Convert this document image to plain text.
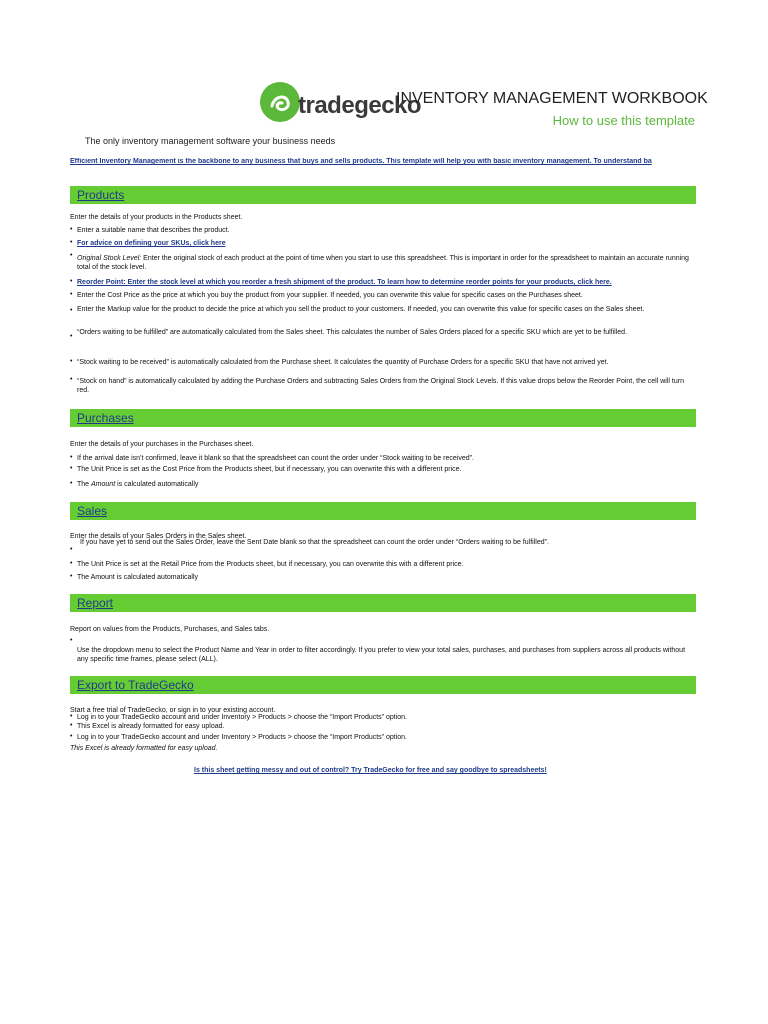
tradegecko
INVENTORY MANAGEMENT WORKBOOK
How to use this template
The only inventory management software your business needs
Efficient Inventory Management is the backbone to any business that buys and sells products. This template will help you with basic inventory management. To understand ba
Products
Enter the details of your products in the Products sheet.
• Enter a suitable name that describes the product.
• For advice on defining your SKUs, click here
• Original Stock Level: Enter the original stock of each product at the point of time when you start to use this spreadsheet. This is important in order for the spreadsheet to maintain an accurate running total of the stock level.
• Reorder Point: Enter the stock level at which you reorder a fresh shipment of the product. To learn how to determine reorder points for your products, click here.
• Enter the Cost Price as the price at which you buy the product from your supplier. If needed, you can overwrite this value for specific cases on the Purchases sheet.
• Enter the Markup value for the product to decide the price at which you sell the product to your customers. If needed, you can overwrite this value for specific cases on the Sales sheet.
•
“Orders waiting to be fulfilled” are automatically calculated from the Sales sheet. This calculates the number of Sales Orders placed for a specific SKU which are yet to be fulfilled.
• “Stock waiting to be received” is automatically calculated from the Purchase sheet. It calculates the quantity of Purchase Orders for a specific SKU that have not arrived yet.
• “Stock on hand” is automatically calculated by adding the Purchase Orders and subtracting Sales Orders from the Original Stock Levels. If this value drops below the Reorder Point, the cell will turn red.
Purchases
Enter the details of your purchases in the Purchases sheet.
• If the arrival date isn’t confirmed, leave it blank so that the spreadsheet can count the order under “Stock waiting to be received”.
• The Unit Price is set as the Cost Price from the Products sheet, but if necessary, you can overwrite this with a different price.
• The Amount is calculated automatically
Sales
Enter the details of your Sales Orders in the Sales sheet.
•
If you have yet to send out the Sales Order, leave the Sent Date blank so that the spreadsheet can count the order under “Orders waiting to be fulfilled”.
• The Unit Price is set at the Retail Price from the Products sheet, but if necessary, you can overwrite this with a different price.
• The Amount is calculated automatically
Report
Report on values from the Products, Purchases, and Sales tabs.
•
Use the dropdown menu to select the Product Name and Year in order to filter accordingly. If you prefer to view your total sales, purchases, and purchases from suppliers across all products without any specific time frames, please select (ALL).
Export to TradeGecko
Start a free trial of TradeGecko, or sign in to your existing account.
• Log in to your TradeGecko account and under Inventory > Products > choose the “Import Products” option.
• This Excel is already formatted for easy upload.
• Log in to your TradeGecko account and under Inventory > Products > choose the “Import Products” option.
This Excel is already formatted for easy upload.
Is this sheet getting messy and out of control? Try TradeGecko for free and say goodbye to spreadsheets!
